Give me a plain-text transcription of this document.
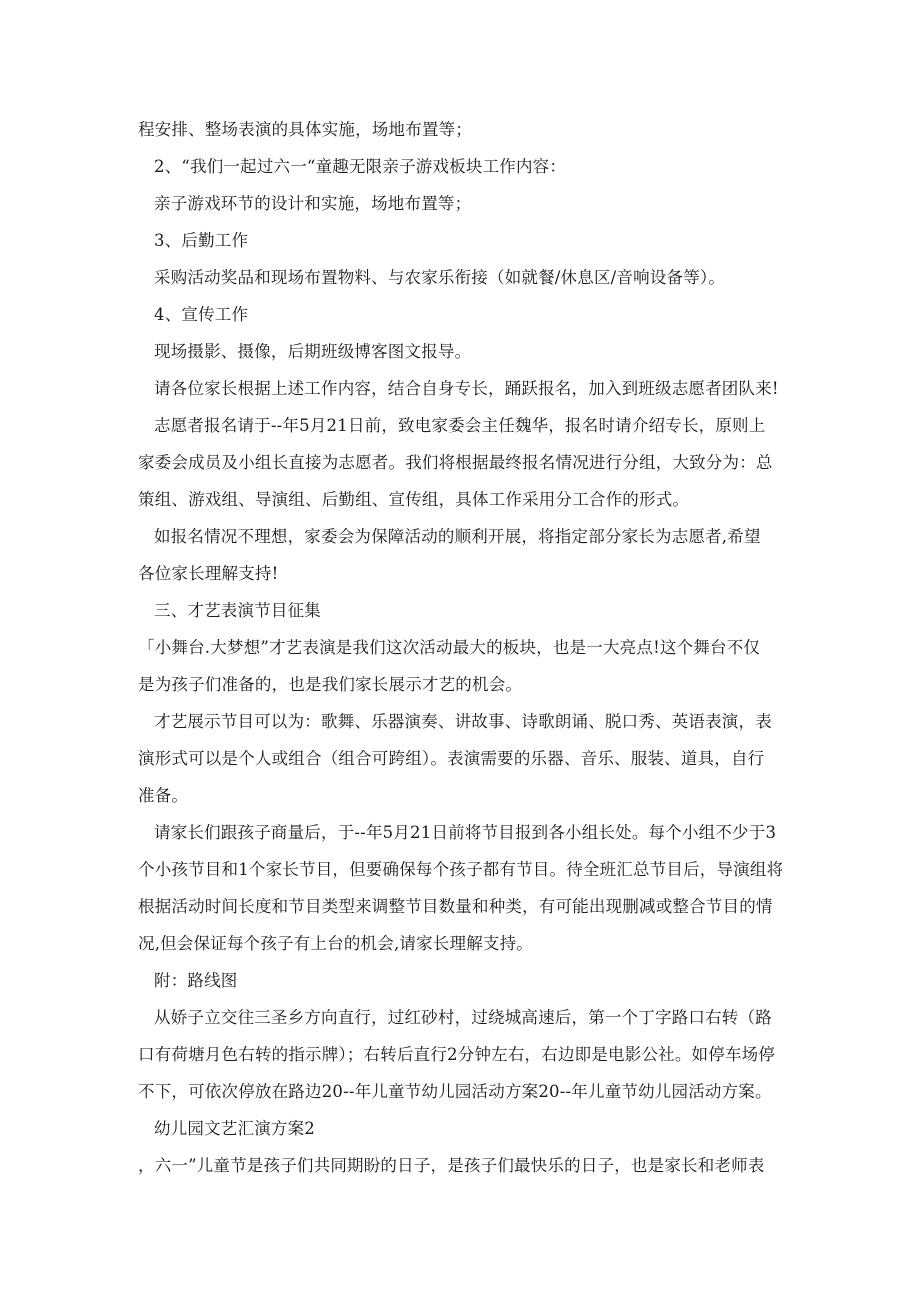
程安排、整场表演的具体实施，场地布置等；
2、“我们一起过六一“童趣无限亲子游戏板块工作内容：
亲子游戏环节的设计和实施，场地布置等；
3、后勤工作
采购活动奖品和现场布置物料、与农家乐衔接（如就餐/休息区/音响设备等）。
4、宣传工作
现场摄影、摄像，后期班级博客图文报导。
请各位家长根据上述工作内容，结合自身专长，踊跃报名，加入到班级志愿者团队来!
志愿者报名请于--年5月21日前，致电家委会主任魏华，报名时请介绍专长，原则上
家委会成员及小组长直接为志愿者。我们将根据最终报名情况进行分组，大致分为：总
策组、游戏组、导演组、后勤组、宣传组，具体工作采用分工合作的形式。
如报名情况不理想，家委会为保障活动的顺利开展，将指定部分家长为志愿者,希望
各位家长理解支持!
三、才艺表演节目征集
「小舞台.大梦想”才艺表演是我们这次活动最大的板块，也是一大亮点!这个舞台不仅
是为孩子们准备的，也是我们家长展示才艺的机会。
才艺展示节目可以为：歌舞、乐器演奏、讲故事、诗歌朗诵、脱口秀、英语表演，表
演形式可以是个人或组合（组合可跨组）。表演需要的乐器、音乐、服装、道具，自行
准备。
请家长们跟孩子商量后，于--年5月21日前将节目报到各小组长处。每个小组不少于3
个小孩节目和1个家长节目，但要确保每个孩子都有节目。待全班汇总节目后，导演组将
根据活动时间长度和节目类型来调整节目数量和种类，有可能出现删减或整合节目的情
况,但会保证每个孩子有上台的机会,请家长理解支持。
附：路线图
从娇子立交往三圣乡方向直行，过红砂村，过绕城高速后，第一个丁字路口右转（路
口有荷塘月色右转的指示牌）；右转后直行2分钟左右，右边即是电影公社。如停车场停
不下，可依次停放在路边20--年儿童节幼儿园活动方案20--年儿童节幼儿园活动方案。
幼儿园文艺汇演方案2
，六一”儿童节是孩子们共同期盼的日子，是孩子们最快乐的日子，也是家长和老师表
